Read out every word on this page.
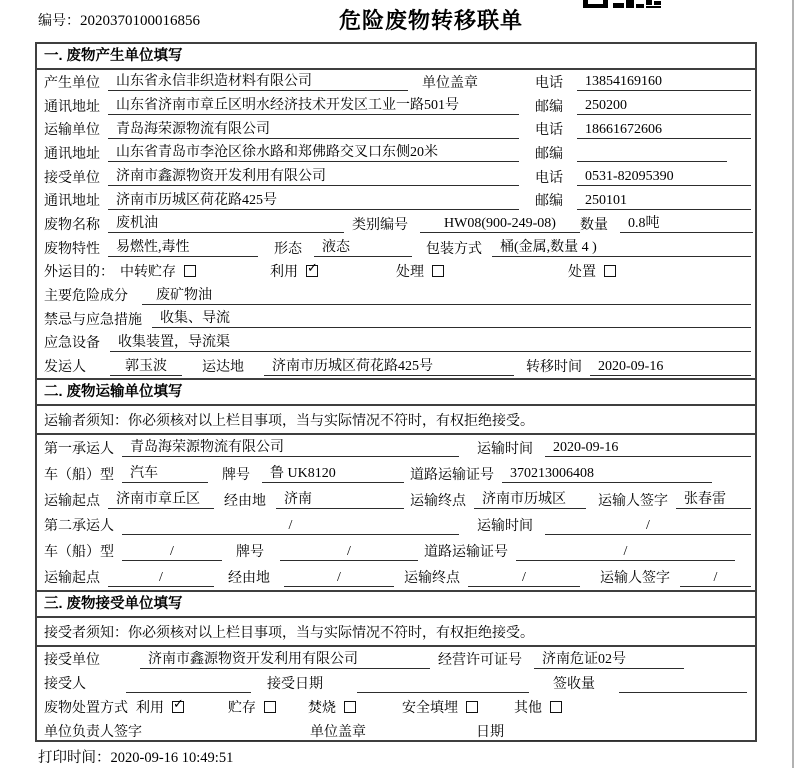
编号：2020370100016856	危险废物转移联单
一. 废物产生单位填写
产生单位	山东省永信非织造材料有限公司	单位盖章	电话	13854169160
通讯地址	山东省济南市章丘区明水经济技术开发区工业一路501号	邮编	250200
运输单位	青岛海荣源物流有限公司	电话	18661672606
通讯地址	山东省青岛市李沧区徐水路和郑佛路交叉口东侧20米	邮编
接受单位	济南市鑫源物资开发利用有限公司	电话	0531-82095390
通讯地址	济南市历城区荷花路425号	邮编	250101
废物名称	废机油	类别编号	HW08(900-249-08)	数量	0.8吨
废物特性	易燃性,毒性	形态	液态	包装方式	桶(金属,数量 4 )
外运目的： 中转贮存	利用 ✓	处理	处置
主要危险成分	废矿物油
禁忌与应急措施	收集、导流
应急设备	收集装置，导流渠
发运人	郭玉波	运达地	济南市历城区荷花路425号	转移时间	2020-09-16
二. 废物运输单位填写
运输者须知： 你必须核对以上栏目事项，当与实际情况不符时，有权拒绝接受。
第一承运人	青岛海荣源物流有限公司	运输时间	2020-09-16
车（船）型	汽车	牌号	鲁 UK8120	道路运输证号	370213006408
运输起点	济南市章丘区	经由地	济南	运输终点	济南市历城区	运输人签字	张春雷
第二承运人	/	运输时间	/
车（船）型	/	牌号	/	道路运输证号	/
运输起点	/	经由地	/	运输终点	/	运输人签字	/
三. 废物接受单位填写
接受者须知： 你必须核对以上栏目事项，当与实际情况不符时，有权拒绝接受。
接受单位	济南市鑫源物资开发利用有限公司	经营许可证号	济南危证02号
接受人	接受日期	签收量
废物处置方式 利用 ✓	贮存	焚烧	安全填埋	其他
单位负责人签字	单位盖章	日期
打印时间：2020-09-16 10:49:51
